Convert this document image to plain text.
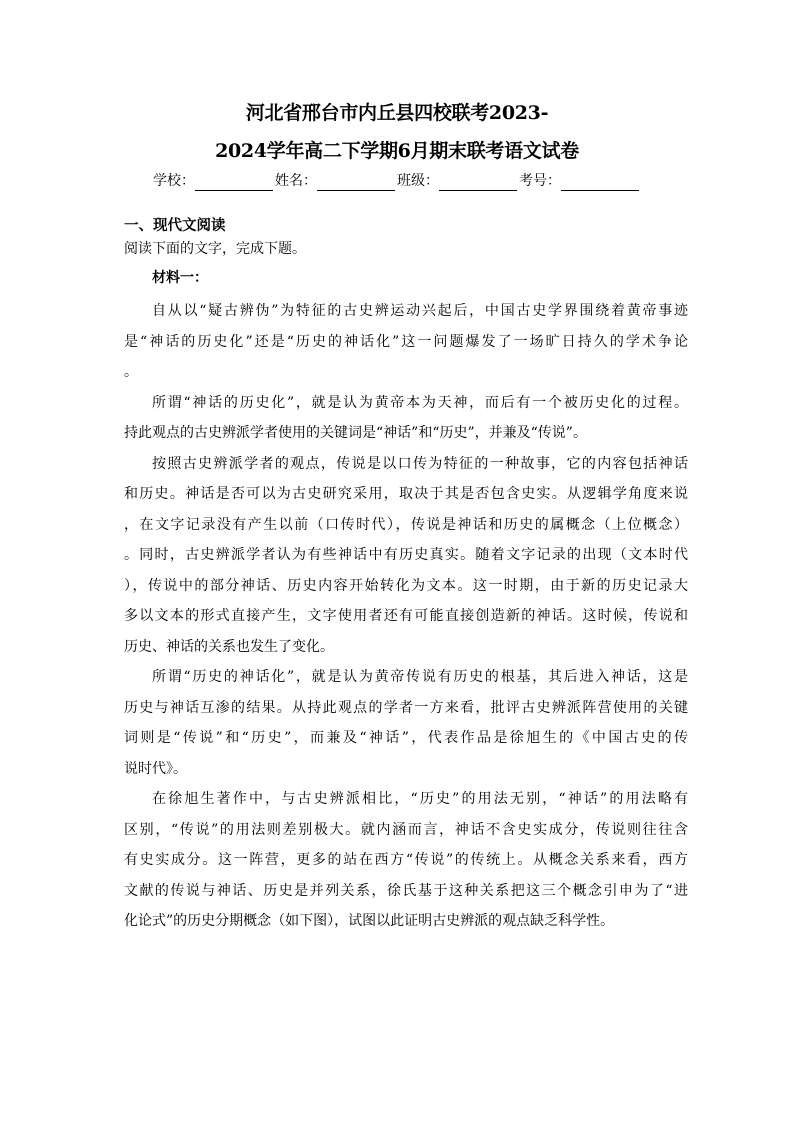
河北省邢台市内丘县四校联考2023-
2024学年高二下学期6月期末联考语文试卷
学校：	姓名：	班级：	考号：
一、现代文阅读
阅读下面的文字，完成下题。
材料一：
自从以“疑古辨伪”为特征的古史辨运动兴起后，中国古史学界围绕着黄帝事迹
是“神话的历史化”还是“历史的神话化”这一问题爆发了一场旷日持久的学术争论
。
所谓“神话的历史化”，就是认为黄帝本为天神，而后有一个被历史化的过程。
持此观点的古史辨派学者使用的关键词是“神话”和“历史”，并兼及“传说”。
按照古史辨派学者的观点，传说是以口传为特征的一种故事，它的内容包括神话
和历史。神话是否可以为古史研究采用，取决于其是否包含史实。从逻辑学角度来说
，在文字记录没有产生以前（口传时代），传说是神话和历史的属概念（上位概念）
。同时，古史辨派学者认为有些神话中有历史真实。随着文字记录的出现（文本时代
），传说中的部分神话、历史内容开始转化为文本。这一时期，由于新的历史记录大
多以文本的形式直接产生，文字使用者还有可能直接创造新的神话。这时候，传说和
历史、神话的关系也发生了变化。
所谓“历史的神话化”，就是认为黄帝传说有历史的根基，其后进入神话，这是
历史与神话互渗的结果。从持此观点的学者一方来看，批评古史辨派阵营使用的关键
词则是“传说”和“历史”，而兼及“神话”，代表作品是徐旭生的《中国古史的传
说时代》。
在徐旭生著作中，与古史辨派相比，“历史”的用法无别，“神话”的用法略有
区别，“传说”的用法则差别极大。就内涵而言，神话不含史实成分，传说则往往含
有史实成分。这一阵营，更多的站在西方“传说”的传统上。从概念关系来看，西方
文献的传说与神话、历史是并列关系，徐氏基于这种关系把这三个概念引申为了“进
化论式”的历史分期概念（如下图），试图以此证明古史辨派的观点缺乏科学性。
